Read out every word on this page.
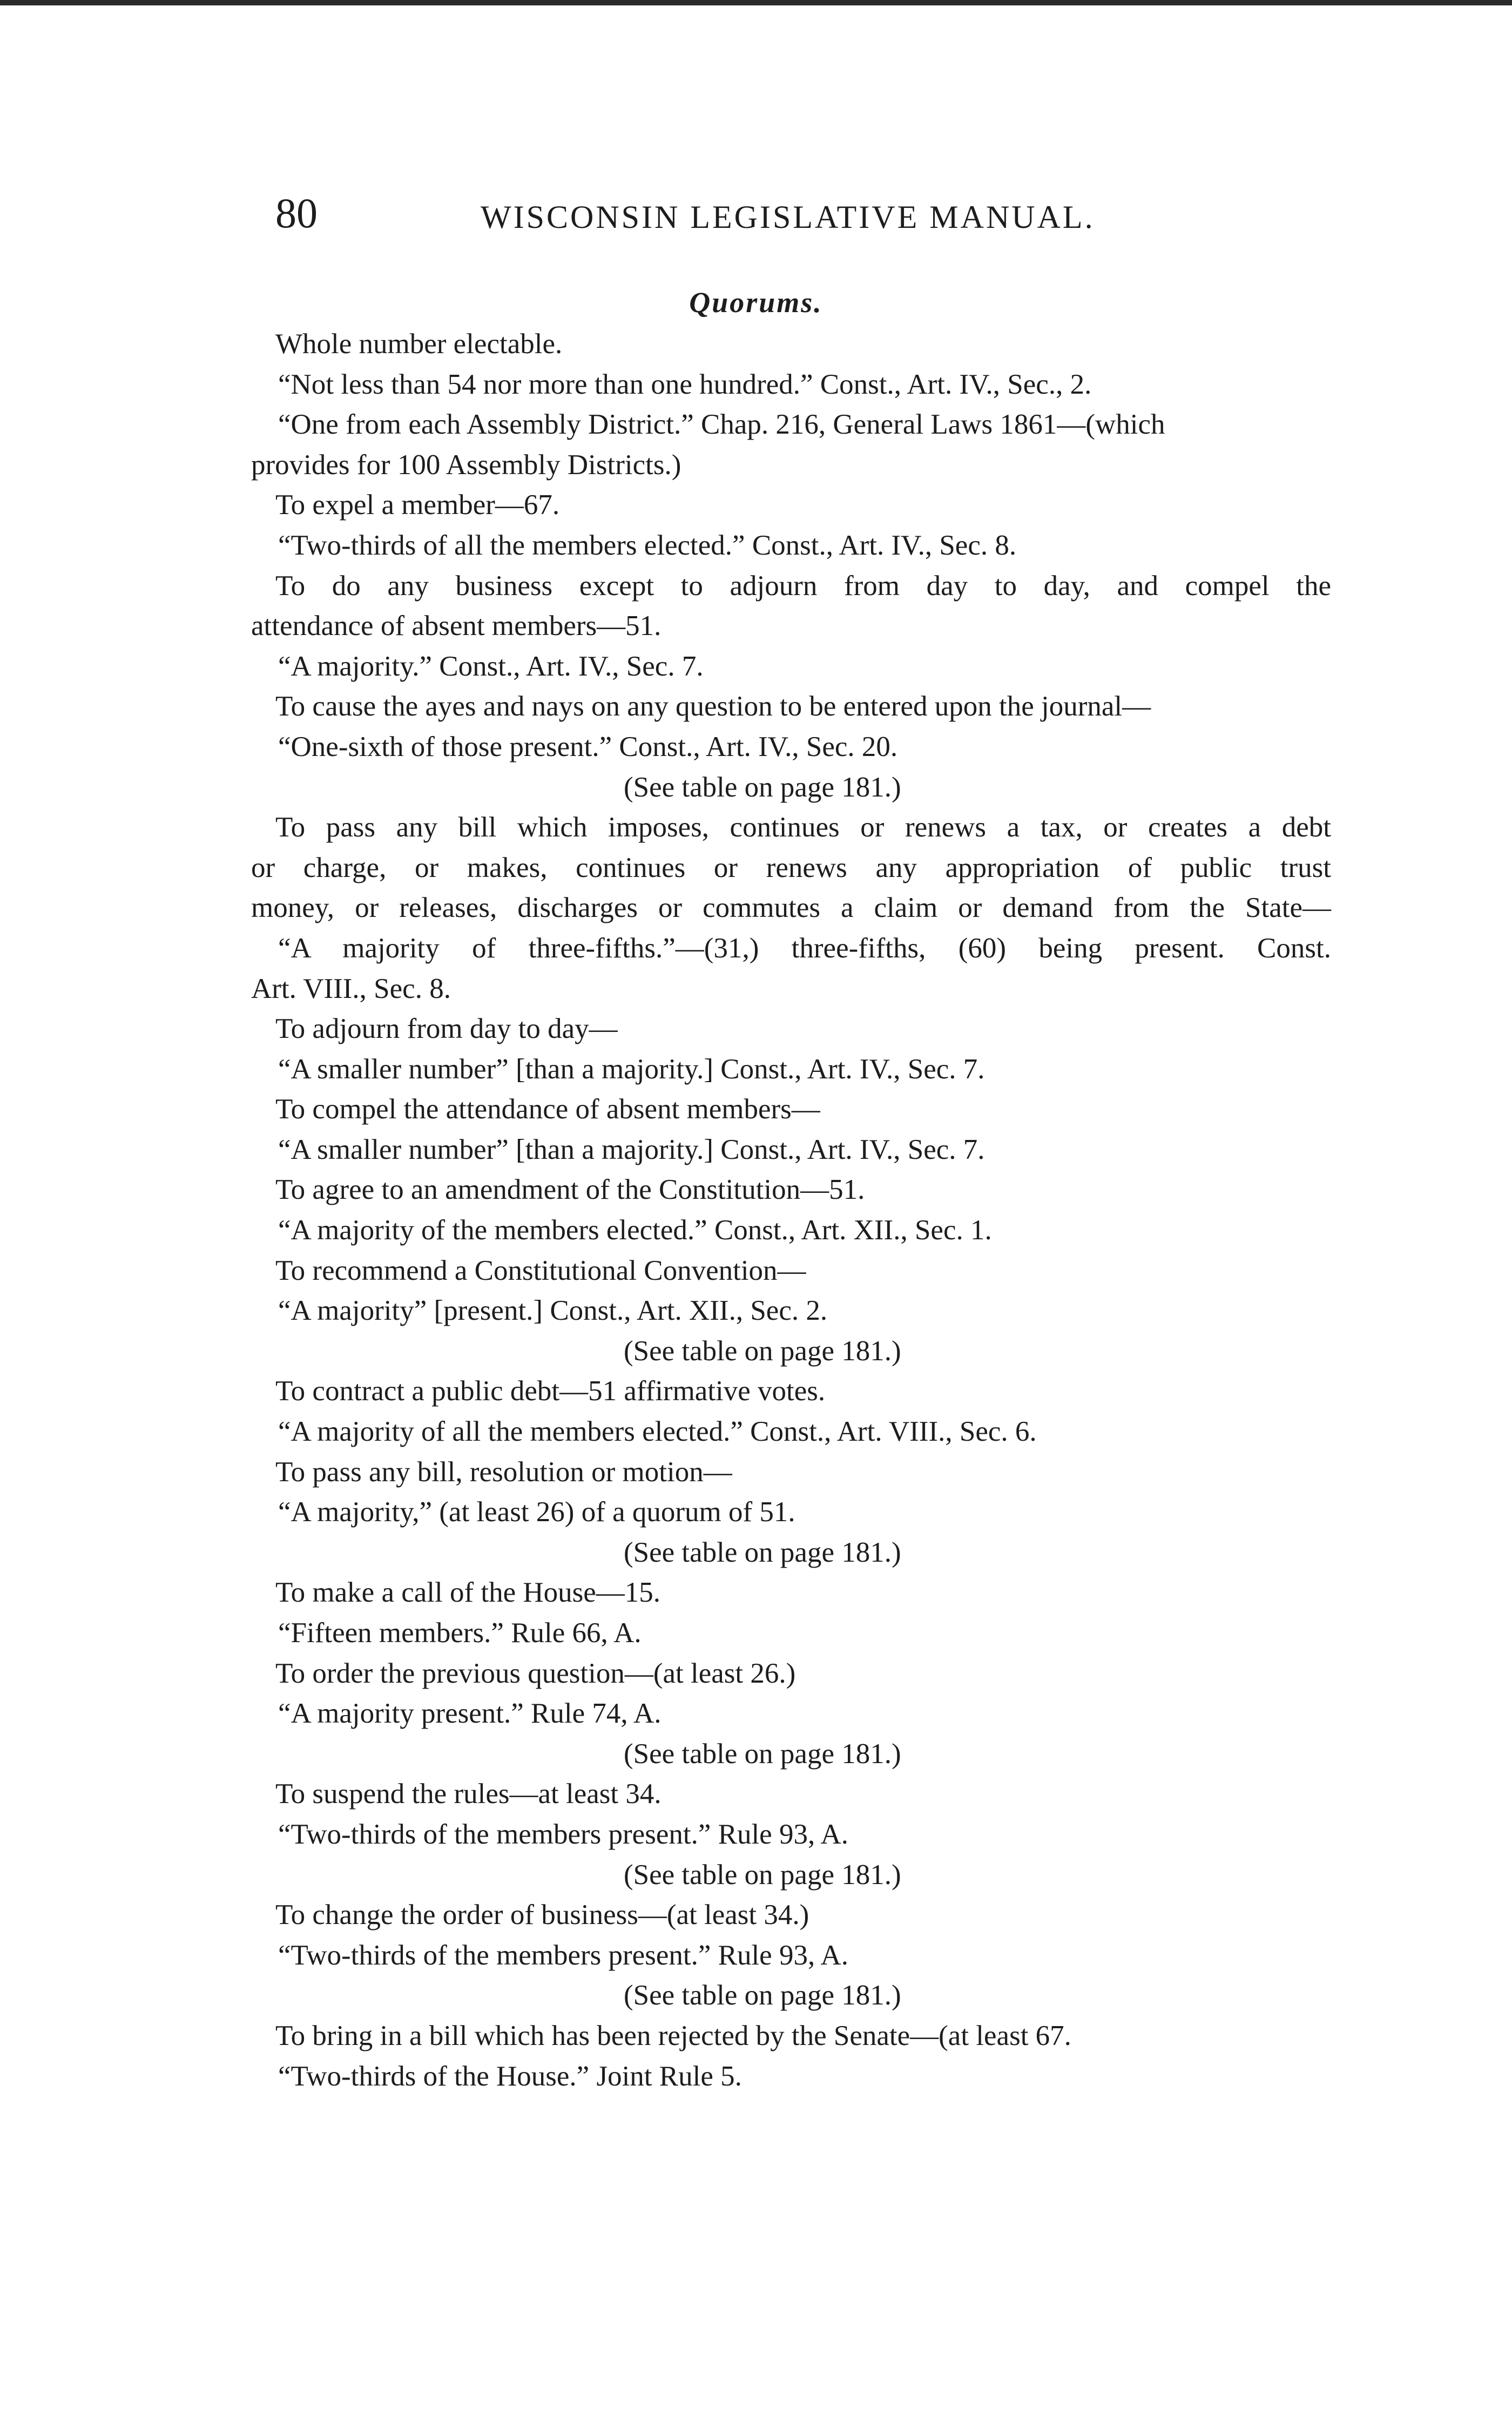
80	WISCONSIN LEGISLATIVE MANUAL.
Quorums.
Whole number electable.
“Not less than 54 nor more than one hundred.” Const., Art. IV., Sec., 2.
“One from each Assembly District.” Chap. 216, General Laws 1861—(which
provides for 100 Assembly Districts.)
To expel a member—67.
“Two-thirds of all the members elected.” Const., Art. IV., Sec. 8.
To do any business except to adjourn from day to day, and compel the
attendance of absent members—51.
“A majority.” Const., Art. IV., Sec. 7.
To cause the ayes and nays on any question to be entered upon the journal—
“One-sixth of those present.” Const., Art. IV., Sec. 20.
(See table on page 181.)
To pass any bill which imposes, continues or renews a tax, or creates a debt
or charge, or makes, continues or renews any appropriation of public trust
money, or releases, discharges or commutes a claim or demand from the State—
“A majority of three-fifths.”—(31,) three-fifths, (60) being present. Const.
Art. VIII., Sec. 8.
To adjourn from day to day—
“A smaller number” [than a majority.] Const., Art. IV., Sec. 7.
To compel the attendance of absent members—
“A smaller number” [than a majority.] Const., Art. IV., Sec. 7.
To agree to an amendment of the Constitution—51.
“A majority of the members elected.” Const., Art. XII., Sec. 1.
To recommend a Constitutional Convention—
“A majority” [present.] Const., Art. XII., Sec. 2.
(See table on page 181.)
To contract a public debt—51 affirmative votes.
“A majority of all the members elected.” Const., Art. VIII., Sec. 6.
To pass any bill, resolution or motion—
“A majority,” (at least 26) of a quorum of 51.
(See table on page 181.)
To make a call of the House—15.
“Fifteen members.” Rule 66, A.
To order the previous question—(at least 26.)
“A majority present.” Rule 74, A.
(See table on page 181.)
To suspend the rules—at least 34.
“Two-thirds of the members present.” Rule 93, A.
(See table on page 181.)
To change the order of business—(at least 34.)
“Two-thirds of the members present.” Rule 93, A.
(See table on page 181.)
To bring in a bill which has been rejected by the Senate—(at least 67.
“Two-thirds of the House.” Joint Rule 5.
